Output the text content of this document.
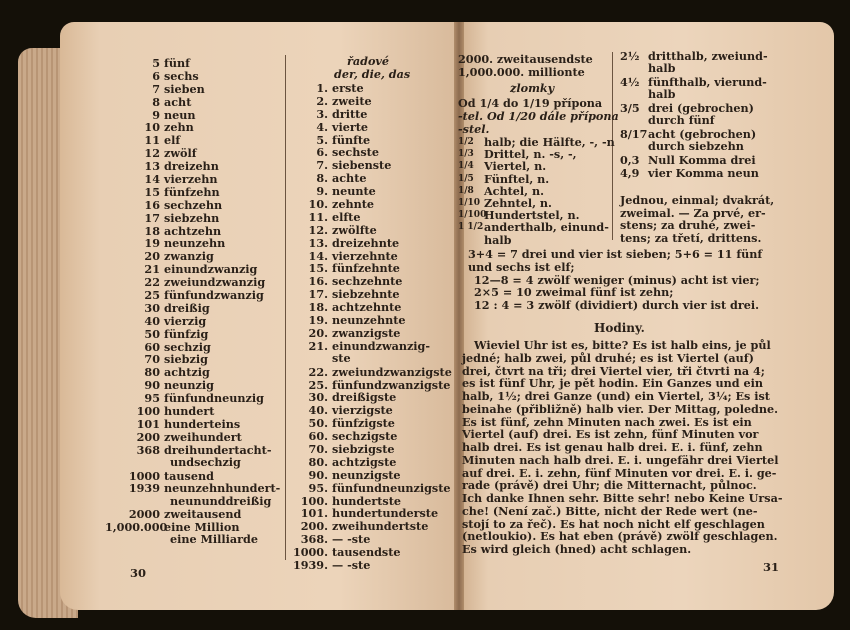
5
6
7
8
9
10
11
12
13
14
15
16
17
18
19
20
21
22
25
30
40
50
60
70
80
90
95
100
101
200
368
1000
1939
2000
1,000.000
fünf
sechs
sieben
acht
neun
zehn
elf
zwölf
dreizehn
vierzehn
fünfzehn
sechzehn
siebzehn
achtzehn
neunzehn
zwanzig
einundzwanzig
zweiundzwanzig
fünfundzwanzig
dreißig
vierzig
fünfzig
sechzig
siebzig
achtzig
neunzig
fünfundneunzig
hundert
hunderteins
zweihundert
dreihundertacht-
undsechzig
tausend
neunzehnhundert-
neununddreißig
zweitausend
eine Million
eine Milliarde
řadové
der, die, das
1.
2.
3.
4.
5.
6.
7.
8.
9.
10.
11.
12.
13.
14.
15.
16.
17.
18.
19.
20.
21.
22.
25.
30.
40.
50.
60.
70.
80.
90.
95.
100.
101.
200.
368.
1000.
1939.
erste
zweite
dritte
vierte
fünfte
sechste
siebenste
achte
neunte
zehnte
elfte
zwölfte
dreizehnte
vierzehnte
fünfzehnte
sechzehnte
siebzehnte
achtzehnte
neunzehnte
zwanzigste
einundzwanzig-
ste
zweiundzwanzigste
fünfundzwanzigste
dreißigste
vierzigste
fünfzigste
sechzigste
siebzigste
achtzigste
neunzigste
fünfundneunzigste
hundertste
hundertunderste
zweihundertste
— -ste
tausendste
— -ste
30
2000. zweitausendste
1,000.000. millionte
zlomky
Od 1/4 do 1/19 přípona
-tel. Od 1/20 dále přípona
-stel.
1/2 halb; die Hälfte, -, -n
1/3 Drittel, n. -s, -,
1/4 Viertel, n.
1/5 Fünftel, n.
1/8 Achtel, n.
1/10 Zehntel, n.
1/100
Hundertstel, n.
1 1/2 anderthalb, einund-
halb
2½ dritthalb, zweiund-
halb
4½ fünfthalb, vierund-
halb
3/5 drei (gebrochen)
durch fünf
8/17 acht (gebrochen)
durch siebzehn
0,3 Null Komma drei
4,9 vier Komma neun
Jednou, einmal; dvakrát,
zweimal. — Za prvé, er-
stens; za druhé, zwei-
tens; za třetí, drittens.
3+4 = 7 drei und vier ist sieben; 5+6 = 11 fünf
und sechs ist elf;
12—8 = 4 zwölf weniger (minus) acht ist vier;
2×5 = 10 zweimal fünf ist zehn;
12 : 4 = 3 zwölf (dividiert) durch vier ist drei.
Hodiny.
Wieviel Uhr ist es, bitte? Es ist halb eins, je půl
jedné; halb zwei, půl druhé; es ist Viertel (auf)
drei, čtvrt na tři; drei Viertel vier, tři čtvrti na 4;
es ist fünf Uhr, je pět hodin. Ein Ganzes und ein
halb, 1½; drei Ganze (und) ein Viertel, 3¼; Es ist
beinahe (přibližně) halb vier. Der Mittag, poledne.
Es ist fünf, zehn Minuten nach zwei. Es ist ein
Viertel (auf) drei. Es ist zehn, fünf Minuten vor
halb drei. Es ist genau halb drei. E. i. fünf, zehn
Minuten nach halb drei. E. i. ungefähr drei Viertel
auf drei. E. i. zehn, fünf Minuten vor drei. E. i. ge-
rade (právě) drei Uhr; die Mitternacht, půlnoc.
Ich danke Ihnen sehr. Bitte sehr! nebo Keine Ursa-
che! (Není zač.) Bitte, nicht der Rede wert (ne-
stojí to za řeč). Es hat noch nicht elf geschlagen
(netloukio). Es hat eben (právě) zwölf geschlagen.
Es wird gleich (hned) acht schlagen.
31
